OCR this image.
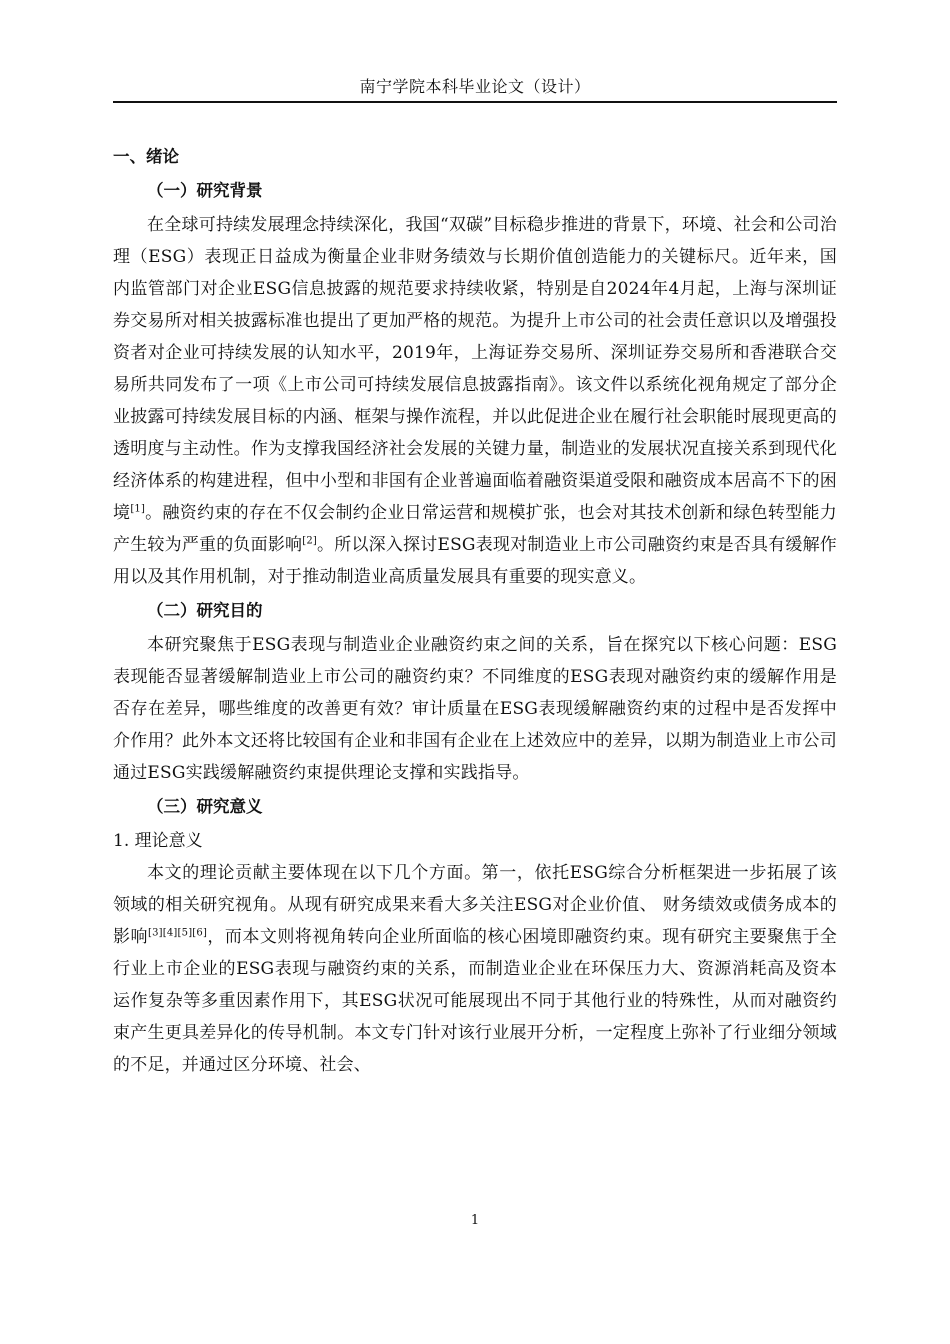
南宁学院本科毕业论文（设计）
一、绪论
（一）研究背景

在全球可持续发展理念持续深化，我国“双碳”目标稳步推进的背景下，环境、社会和公司治理（ESG）表现正日益成为衡量企业非财务绩效与长期价值创造能力的关键标尺。近年来，国内监管部门对企业ESG信息披露的规范要求持续收紧，特别是自2024年4月起，上海与深圳证券交易所对相关披露标准也提出了更加严格的规范。为提升上市公司的社会责任意识以及增强投资者对企业可持续发展的认知水平，2019年，上海证券交易所、深圳证券交易所和香港联合交易所共同发布了一项《上市公司可持续发展信息披露指南》。该文件以系统化视角规定了部分企业披露可持续发展目标的内涵、框架与操作流程，并以此促进企业在履行社会职能时展现更高的透明度与主动性。作为支撑我国经济社会发展的关键力量，制造业的发展状况直接关系到现代化经济体系的构建进程，但中小型和非国有企业普遍面临着融资渠道受限和融资成本居高不下的困境[1]。融资约束的存在不仅会制约企业日常运营和规模扩张，也会对其技术创新和绿色转型能力产生较为严重的负面影响[2]。所以深入探讨ESG表现对制造业上市公司融资约束是否具有缓解作用以及其作用机制，对于推动制造业高质量发展具有重要的现实意义。

（二）研究目的

本研究聚焦于ESG表现与制造业企业融资约束之间的关系，旨在探究以下核心问题：ESG表现能否显著缓解制造业上市公司的融资约束？不同维度的ESG表现对融资约束的缓解作用是否存在差异，哪些维度的改善更有效？审计质量在ESG表现缓解融资约束的过程中是否发挥中介作用？此外本文还将比较国有企业和非国有企业在上述效应中的差异，以期为制造业上市公司通过ESG实践缓解融资约束提供理论支撑和实践指导。

（三）研究意义
1. 理论意义

本文的理论贡献主要体现在以下几个方面。第一，依托ESG综合分析框架进一步拓展了该领域的相关研究视角。从现有研究成果来看大多关注ESG对企业价值、 财务绩效或债务成本的影响[3][4][5][6]，而本文则将视角转向企业所面临的核心困境即融资约束。现有研究主要聚焦于全行业上市企业的ESG表现与融资约束的关系，而制造业企业在环保压力大、资源消耗高及资本运作复杂等多重因素作用下，其ESG状况可能展现出不同于其他行业的特殊性，从而对融资约束产生更具差异化的传导机制。本文专门针对该行业展开分析，一定程度上弥补了行业细分领域的不足，并通过区分环境、社会、

1
